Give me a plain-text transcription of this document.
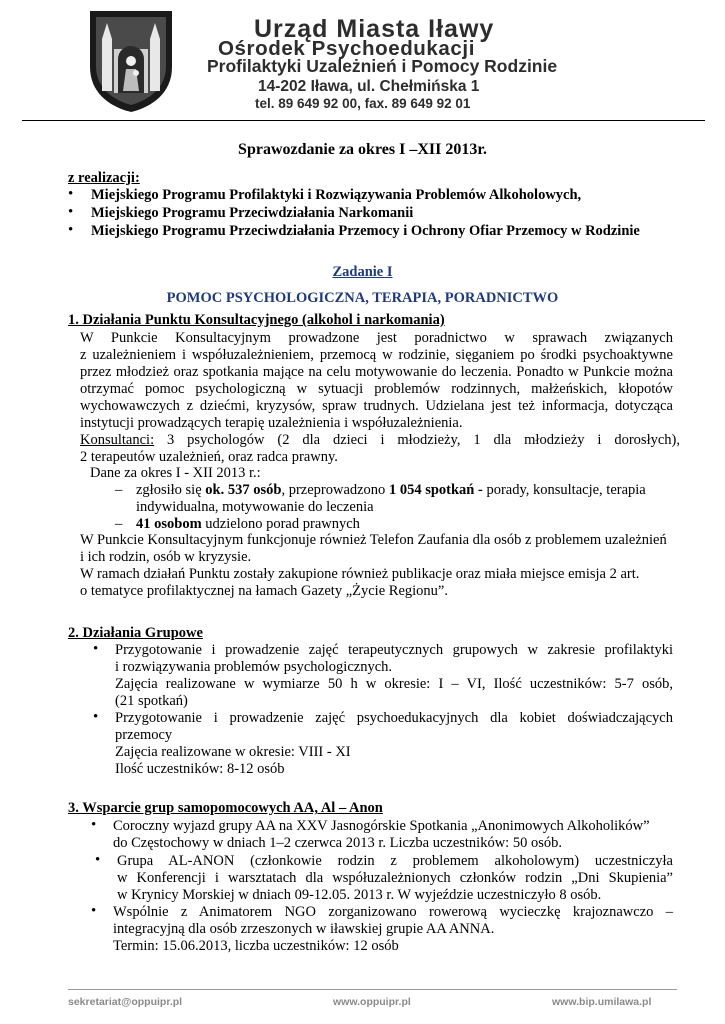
Urząd Miasta Iławy
Ośrodek Psychoedukacji
Profilaktyki Uzależnień i Pomocy Rodzinie
14-202 Iława, ul. Chełmińska 1
tel. 89 649 92 00, fax. 89 649 92 01
Sprawozdanie za okres I –XII 2013r.
z realizacji:
• Miejskiego Programu Profilaktyki i Rozwiązywania Problemów Alkoholowych,
• Miejskiego Programu Przeciwdziałania Narkomanii
• Miejskiego Programu Przeciwdziałania Przemocy i Ochrony Ofiar Przemocy w Rodzinie
Zadanie I
POMOC PSYCHOLOGICZNA, TERAPIA, PORADNICTWO
1. Działania Punktu Konsultacyjnego (alkohol i narkomania)
W Punkcie Konsultacyjnym prowadzone jest poradnictwo w sprawach związanych
z uzależnieniem i współuzależnieniem, przemocą w rodzinie, sięganiem po środki psychoaktywne
przez młodzież oraz spotkania mające na celu motywowanie do leczenia. Ponadto w Punkcie można
otrzymać pomoc psychologiczną w sytuacji problemów rodzinnych, małżeńskich, kłopotów
wychowawczych z dziećmi, kryzysów, spraw trudnych. Udzielana jest też informacja, dotycząca
instytucji prowadzących terapię uzależnienia i współuzależnienia.
Konsultanci: 3 psychologów (2 dla dzieci i młodzieży, 1 dla młodzieży i dorosłych),
2 terapeutów uzależnień, oraz radca prawny.
Dane za okres I - XII 2013 r.:
– zgłosiło się ok. 537 osób, przeprowadzono 1 054 spotkań - porady, konsultacje, terapia
indywidualna, motywowanie do leczenia
– 41 osobom udzielono porad prawnych
W Punkcie Konsultacyjnym funkcjonuje również Telefon Zaufania dla osób z problemem uzależnień
i ich rodzin, osób w kryzysie.
W ramach działań Punktu zostały zakupione również publikacje oraz miała miejsce emisja 2 art.
o tematyce profilaktycznej na łamach Gazety „Życie Regionu”.
2. Działania Grupowe
• Przygotowanie i prowadzenie zajęć terapeutycznych grupowych w zakresie profilaktyki
i rozwiązywania problemów psychologicznych.
Zajęcia realizowane w wymiarze 50 h w okresie: I – VI, Ilość uczestników: 5-7 osób,
(21 spotkań)
• Przygotowanie i prowadzenie zajęć psychoedukacyjnych dla kobiet doświadczających
przemocy
Zajęcia realizowane w okresie: VIII - XI
Ilość uczestników: 8-12 osób
3. Wsparcie grup samopomocowych AA, Al – Anon
• Coroczny wyjazd grupy AA na XXV Jasnogórskie Spotkania „Anonimowych Alkoholików”
do Częstochowy w dniach 1–2 czerwca 2013 r. Liczba uczestników: 50 osób.
• Grupa AL-ANON (członkowie rodzin z problemem alkoholowym) uczestniczyła
w Konferencji i warsztatach dla współuzależnionych członków rodzin „Dni Skupienia”
w Krynicy Morskiej w dniach 09-12.05. 2013 r. W wyjeździe uczestniczyło 8 osób.
• Wspólnie z Animatorem NGO zorganizowano rowerową wycieczkę krajoznawczo –
integracyjną dla osób zrzeszonych w iławskiej grupie AA ANNA.
Termin: 15.06.2013, liczba uczestników: 12 osób
sekretariat@oppuipr.pl	www.oppuipr.pl	www.bip.umilawa.pl
